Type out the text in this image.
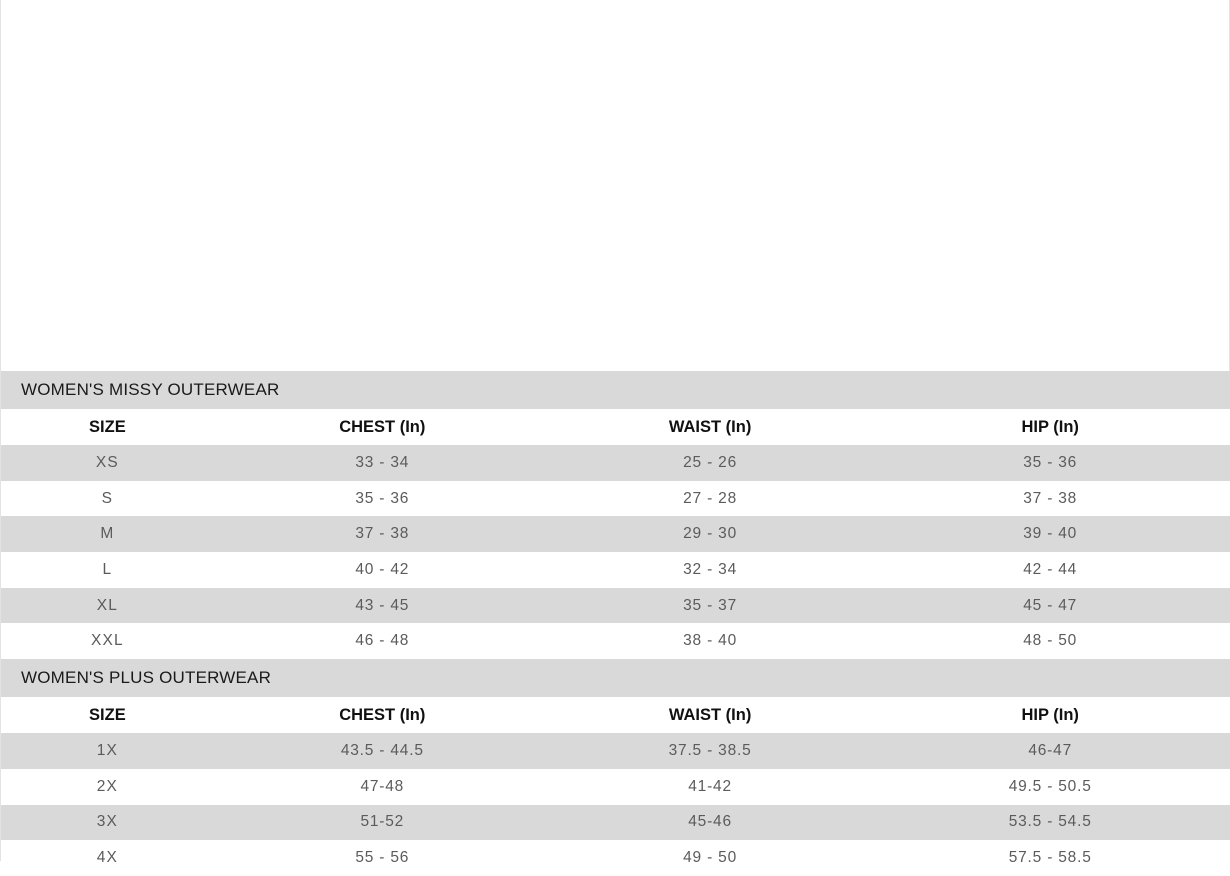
WOMEN'S MISSY OUTERWEAR
SIZE	CHEST (In)	WAIST (In)	HIP (In)
XS	33 - 34	25 - 26	35 - 36
S	35 - 36	27 - 28	37 - 38
M	37 - 38	29 - 30	39 - 40
L	40 - 42	32 - 34	42 - 44
XL	43 - 45	35 - 37	45 - 47
XXL	46 - 48	38 - 40	48 - 50
WOMEN'S PLUS OUTERWEAR
SIZE	CHEST (In)	WAIST (In)	HIP (In)
1X	43.5 - 44.5	37.5 - 38.5	46-47
2X	47-48	41-42	49.5 - 50.5
3X	51-52	45-46	53.5 - 54.5
4X	55 - 56	49 - 50	57.5 - 58.5
